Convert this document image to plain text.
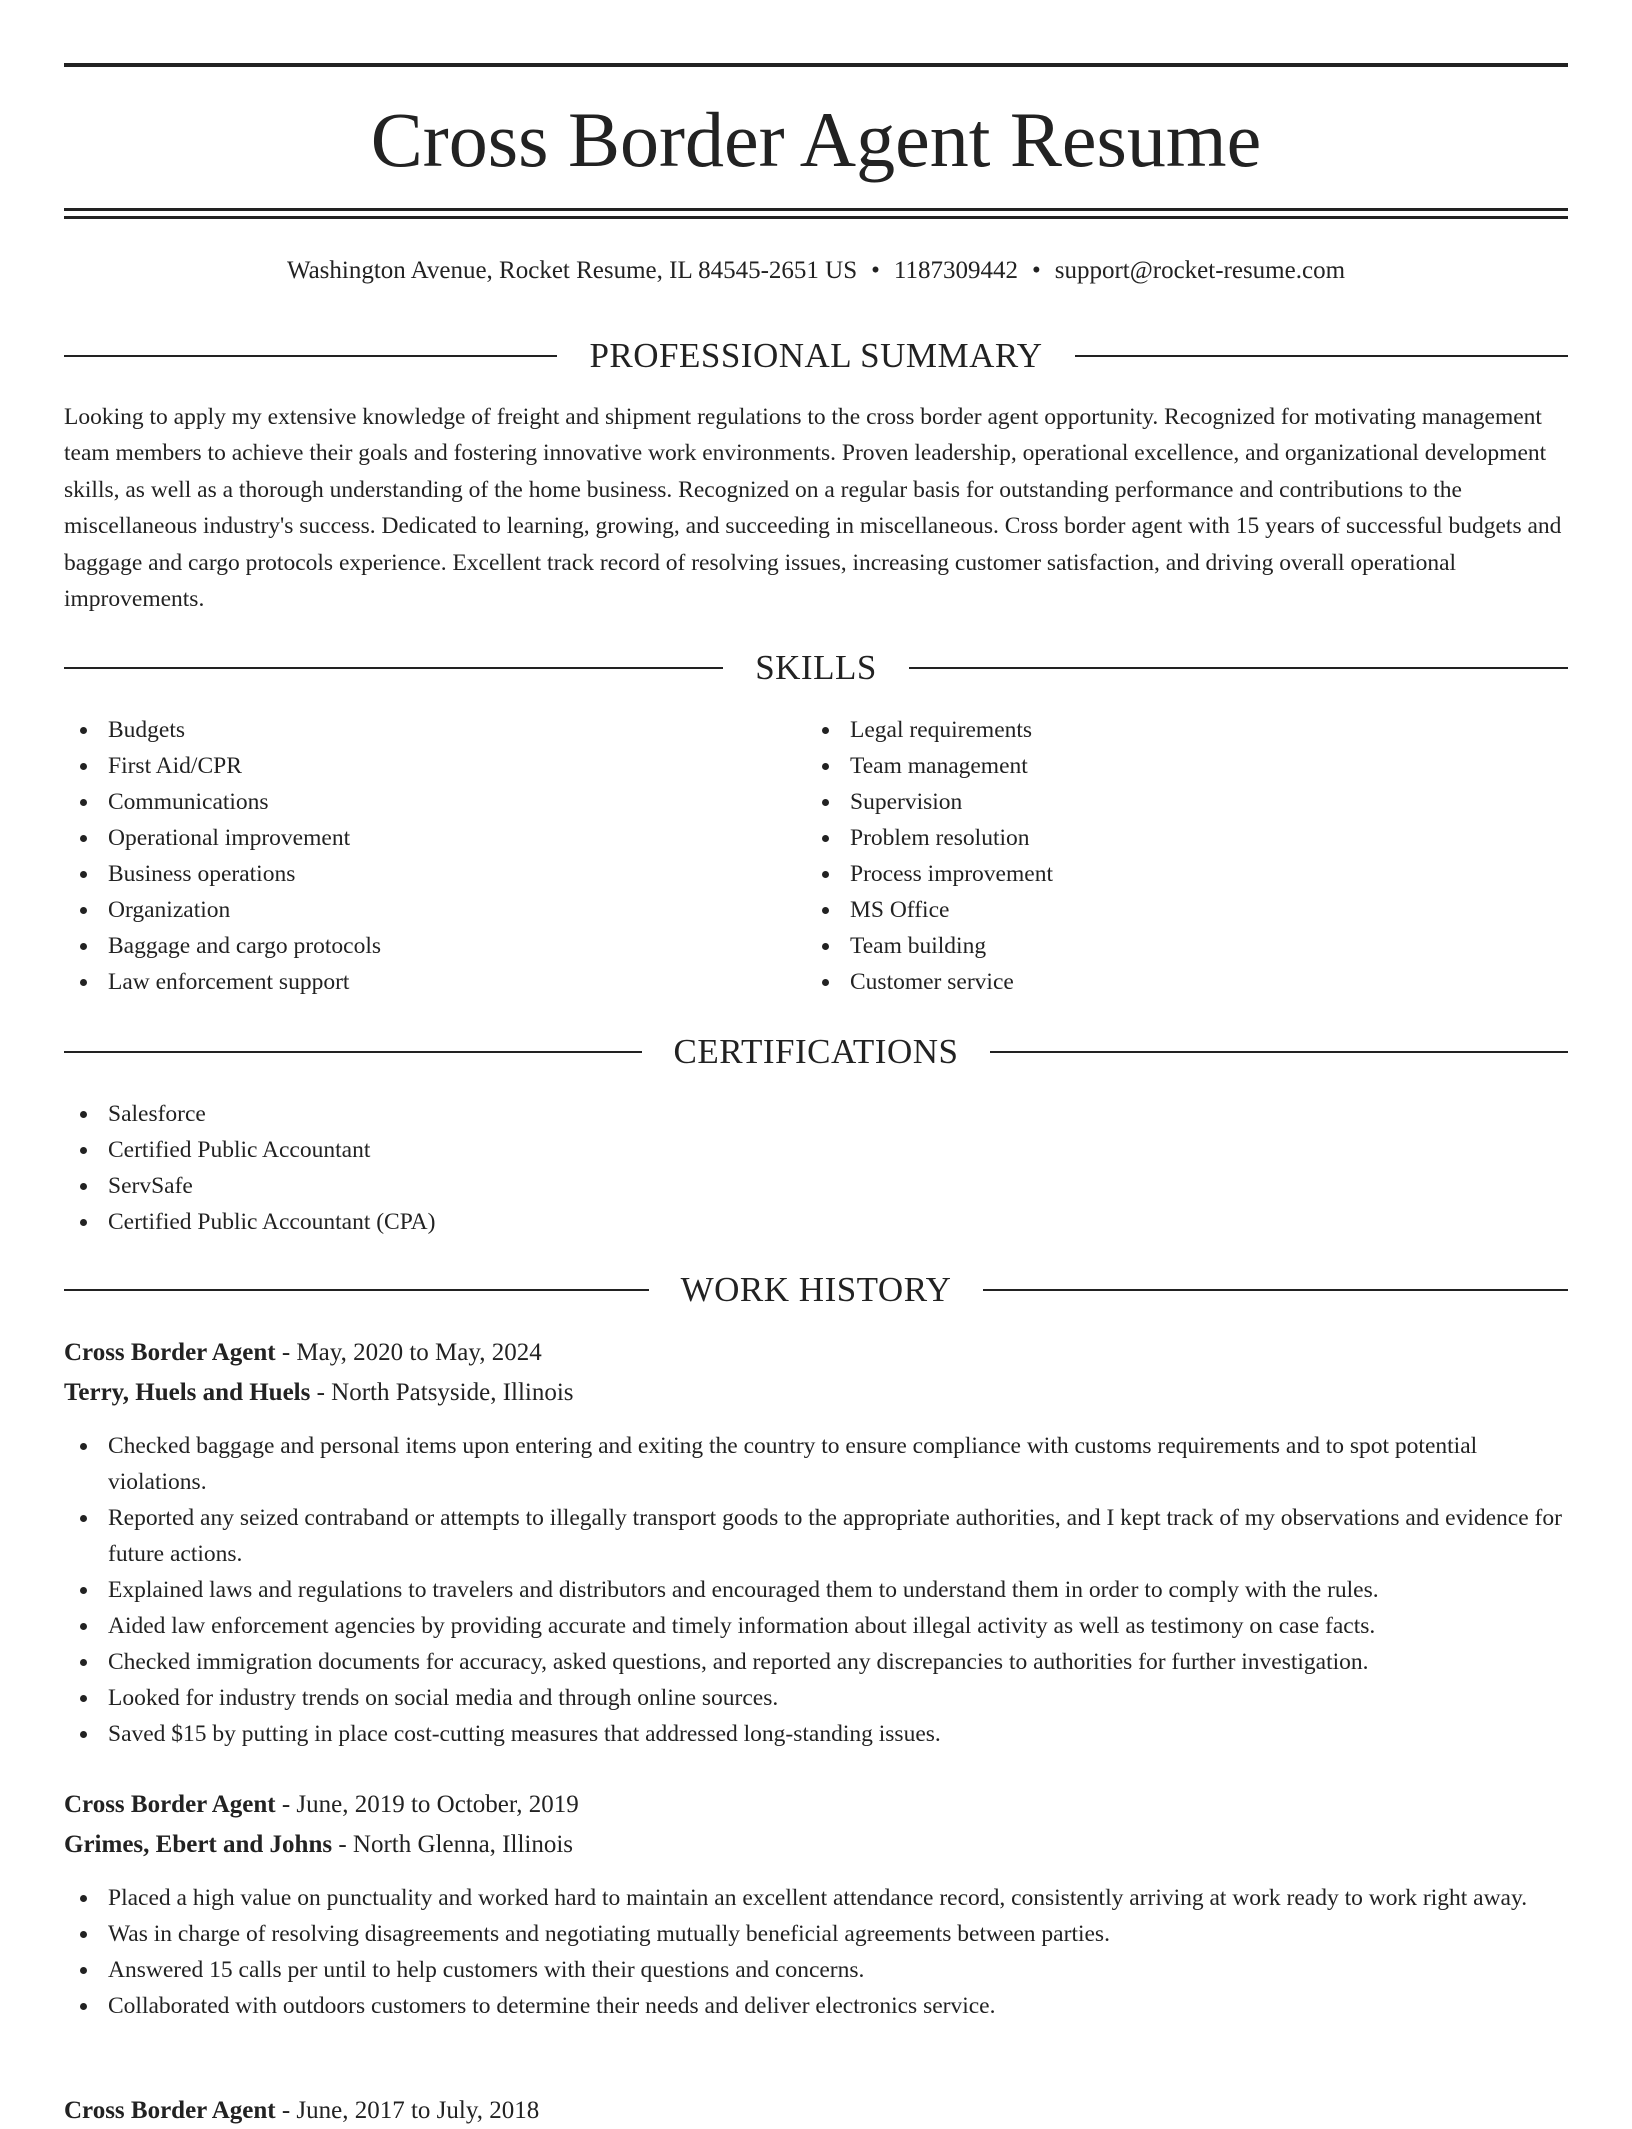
Cross Border Agent Resume
Washington Avenue, Rocket Resume, IL 84545-2651 US • 1187309442 • support@rocket-resume.com
PROFESSIONAL SUMMARY

Looking to apply my extensive knowledge of freight and shipment regulations to the cross border agent opportunity. Recognized for motivating management team members to achieve their goals and fostering innovative work environments. Proven leadership, operational excellence, and organizational development skills, as well as a thorough understanding of the home business. Recognized on a regular basis for outstanding performance and contributions to the miscellaneous industry's success. Dedicated to learning, growing, and succeeding in miscellaneous. Cross border agent with 15 years of successful budgets and baggage and cargo protocols experience. Excellent track record of resolving issues, increasing customer satisfaction, and driving overall operational improvements.

SKILLS
Budgets
First Aid/CPR
Communications
Operational improvement
Business operations
Organization
Baggage and cargo protocols
Law enforcement support
Legal requirements
Team management
Supervision
Problem resolution
Process improvement
MS Office
Team building
Customer service
CERTIFICATIONS
Salesforce
Certified Public Accountant
ServSafe
Certified Public Accountant (CPA)
WORK HISTORY
Cross Border Agent - May, 2020 to May, 2024
Terry, Huels and Huels - North Patsyside, Illinois
Checked baggage and personal items upon entering and exiting the country to ensure compliance with customs requirements and to spot potential violations.
Reported any seized contraband or attempts to illegally transport goods to the appropriate authorities, and I kept track of my observations and evidence for future actions.
Explained laws and regulations to travelers and distributors and encouraged them to understand them in order to comply with the rules.
Aided law enforcement agencies by providing accurate and timely information about illegal activity as well as testimony on case facts.
Checked immigration documents for accuracy, asked questions, and reported any discrepancies to authorities for further investigation.
Looked for industry trends on social media and through online sources.
Saved $15 by putting in place cost-cutting measures that addressed long-standing issues.
Cross Border Agent - June, 2019 to October, 2019
Grimes, Ebert and Johns - North Glenna, Illinois
Placed a high value on punctuality and worked hard to maintain an excellent attendance record, consistently arriving at work ready to work right away.
Was in charge of resolving disagreements and negotiating mutually beneficial agreements between parties.
Answered 15 calls per until to help customers with their questions and concerns.
Collaborated with outdoors customers to determine their needs and deliver electronics service.
Cross Border Agent - June, 2017 to July, 2018
